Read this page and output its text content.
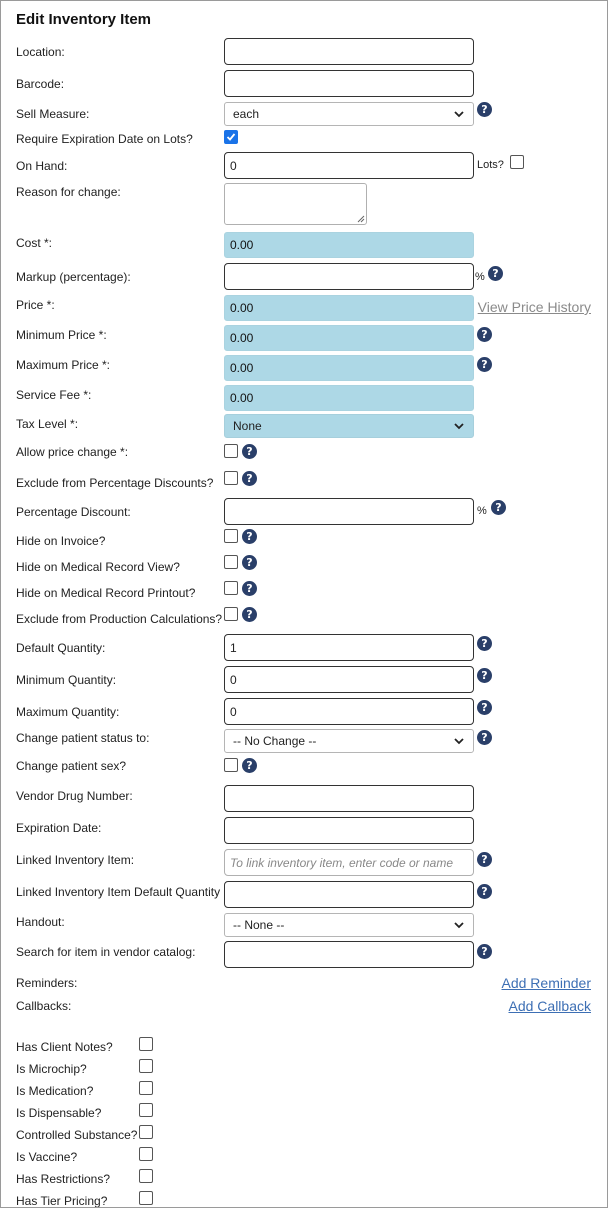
Edit Inventory Item
Location:
Barcode:
Sell Measure:	each	?
Require Expiration Date on Lots?
On Hand:
0	Lots?
Reason for change:
Cost *:
0.00
Markup (percentage):	% ?
Price *:
0.00	View Price History
Minimum Price *:
0.00	?
Maximum Price *:
0.00	?
Service Fee *:
0.00
Tax Level *:	None
Allow price change *:	?
Exclude from Percentage Discounts?	?
Percentage Discount:	% ?
Hide on Invoice?	?
Hide on Medical Record View?	?
Hide on Medical Record Printout?	?
Exclude from Production Calculations?	?
Default Quantity:
1	?
Minimum Quantity:
0	?
Maximum Quantity:
0	?
Change patient status to:	-- No Change --	?
Change patient sex?	?
Vendor Drug Number:
Expiration Date:
Linked Inventory Item:	To link inventory item, enter code or name	?
Linked Inventory Item Default Quantity	?
Handout:	-- None --
Search for item in vendor catalog:	?
Reminders:	Add Reminder
Callbacks:	Add Callback
Has Client Notes?
Is Microchip?
Is Medication?
Is Dispensable?
Controlled Substance?
Is Vaccine?
Has Restrictions?
Has Tier Pricing?
